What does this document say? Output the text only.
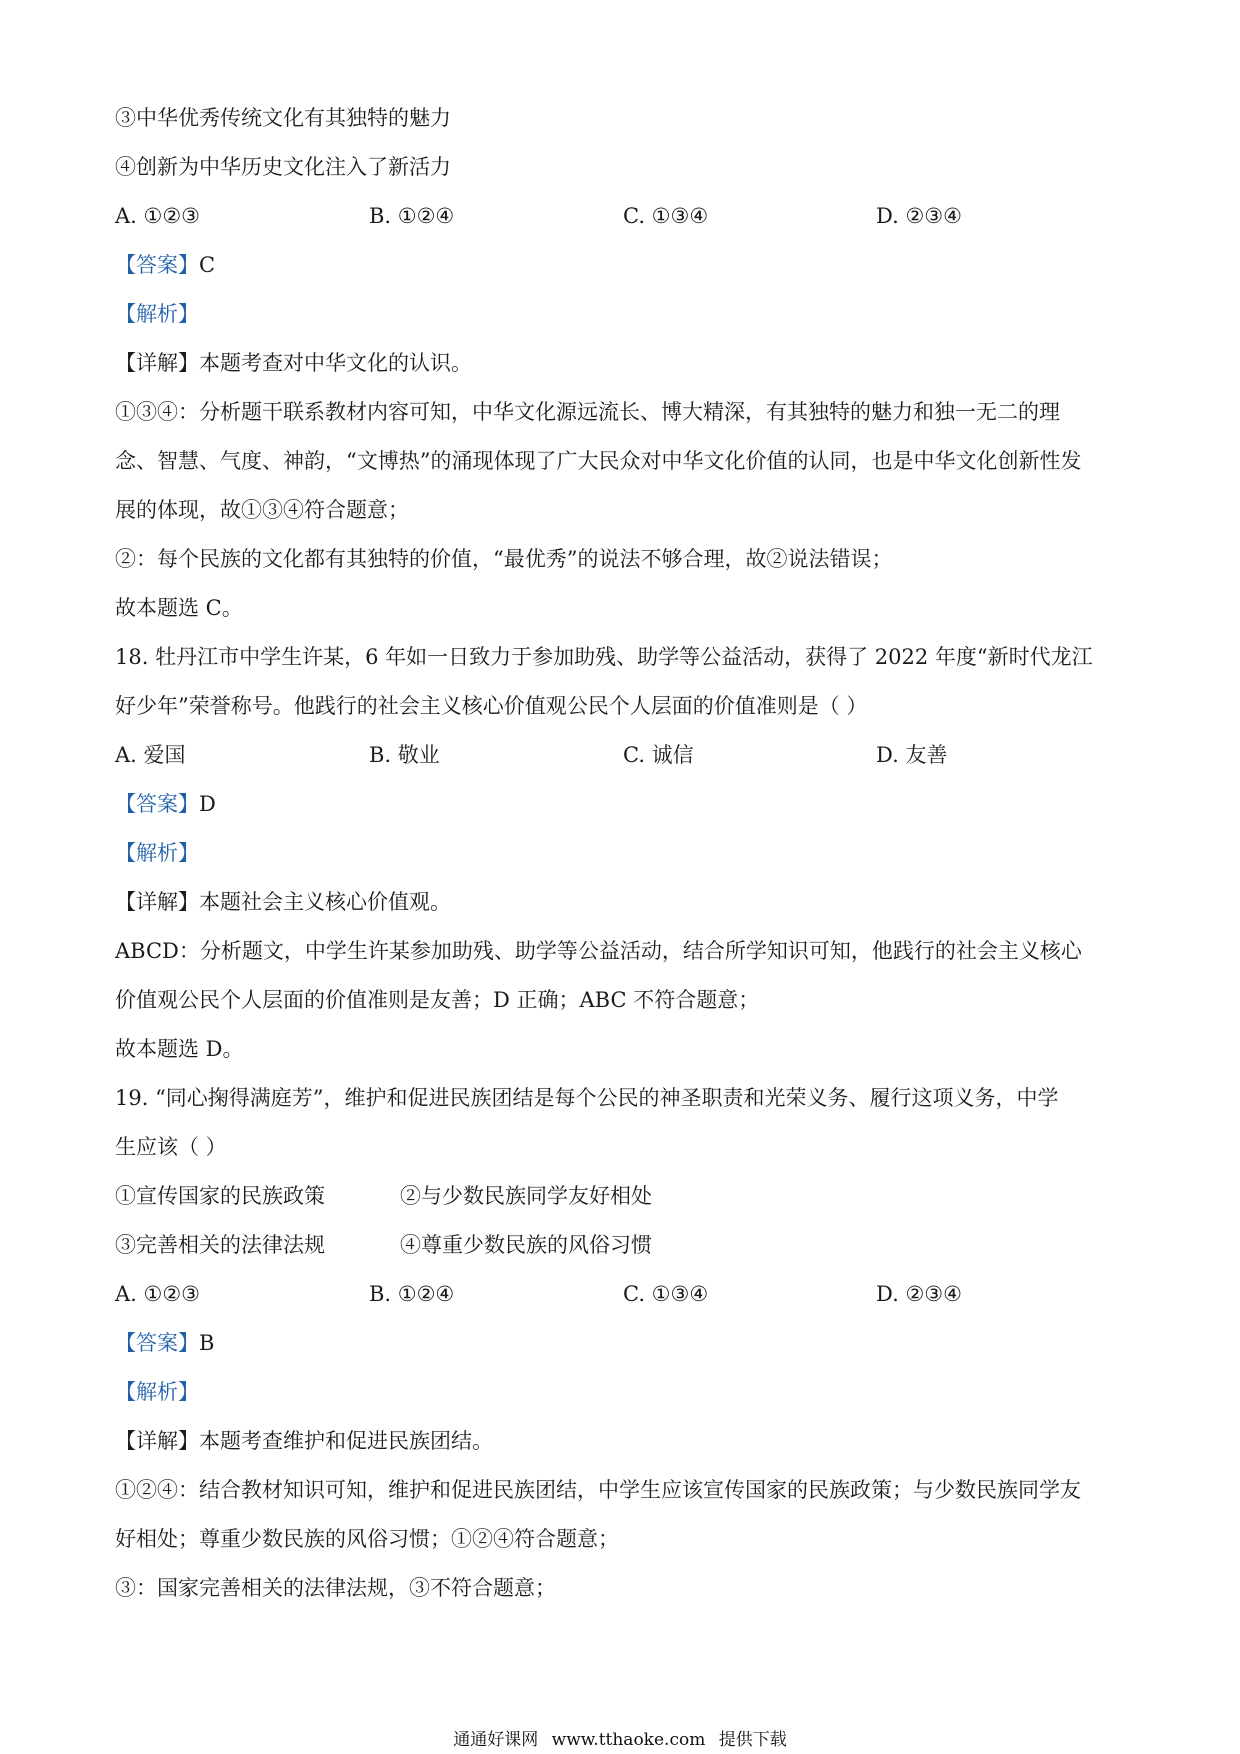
③中华优秀传统文化有其独特的魅力
④创新为中华历史文化注入了新活力
A. ①②③	B. ①②④	C. ①③④	D. ②③④
【答案】C
【解析】
【详解】本题考查对中华文化的认识。
①③④：分析题干联系教材内容可知，中华文化源远流长、博大精深，有其独特的魅力和独一无二的理
念、智慧、气度、神韵，“文博热”的涌现体现了广大民众对中华文化价值的认同，也是中华文化创新性发
展的体现，故①③④符合题意；
②：每个民族的文化都有其独特的价值，“最优秀”的说法不够合理，故②说法错误；
故本题选 C。
18. 牡丹江市中学生许某，6 年如一日致力于参加助残、助学等公益活动，获得了 2022 年度“新时代龙江
好少年”荣誉称号。他践行的社会主义核心价值观公民个人层面的价值准则是（ ）
A. 爱国	B. 敬业	C. 诚信	D. 友善
【答案】D
【解析】
【详解】本题社会主义核心价值观。
ABCD：分析题文，中学生许某参加助残、助学等公益活动，结合所学知识可知，他践行的社会主义核心
价值观公民个人层面的价值准则是友善；D 正确；ABC 不符合题意；
故本题选 D。
19. “同心掬得满庭芳”，维护和促进民族团结是每个公民的神圣职责和光荣义务、履行这项义务，中学
生应该（ ）
①宣传国家的民族政策	②与少数民族同学友好相处
③完善相关的法律法规	④尊重少数民族的风俗习惯
A. ①②③	B. ①②④	C. ①③④	D. ②③④
【答案】B
【解析】
【详解】本题考查维护和促进民族团结。
①②④：结合教材知识可知，维护和促进民族团结，中学生应该宣传国家的民族政策；与少数民族同学友
好相处；尊重少数民族的风俗习惯；①②④符合题意；
③：国家完善相关的法律法规，③不符合题意；
通通好课网 www.tthaoke.com 提供下载
